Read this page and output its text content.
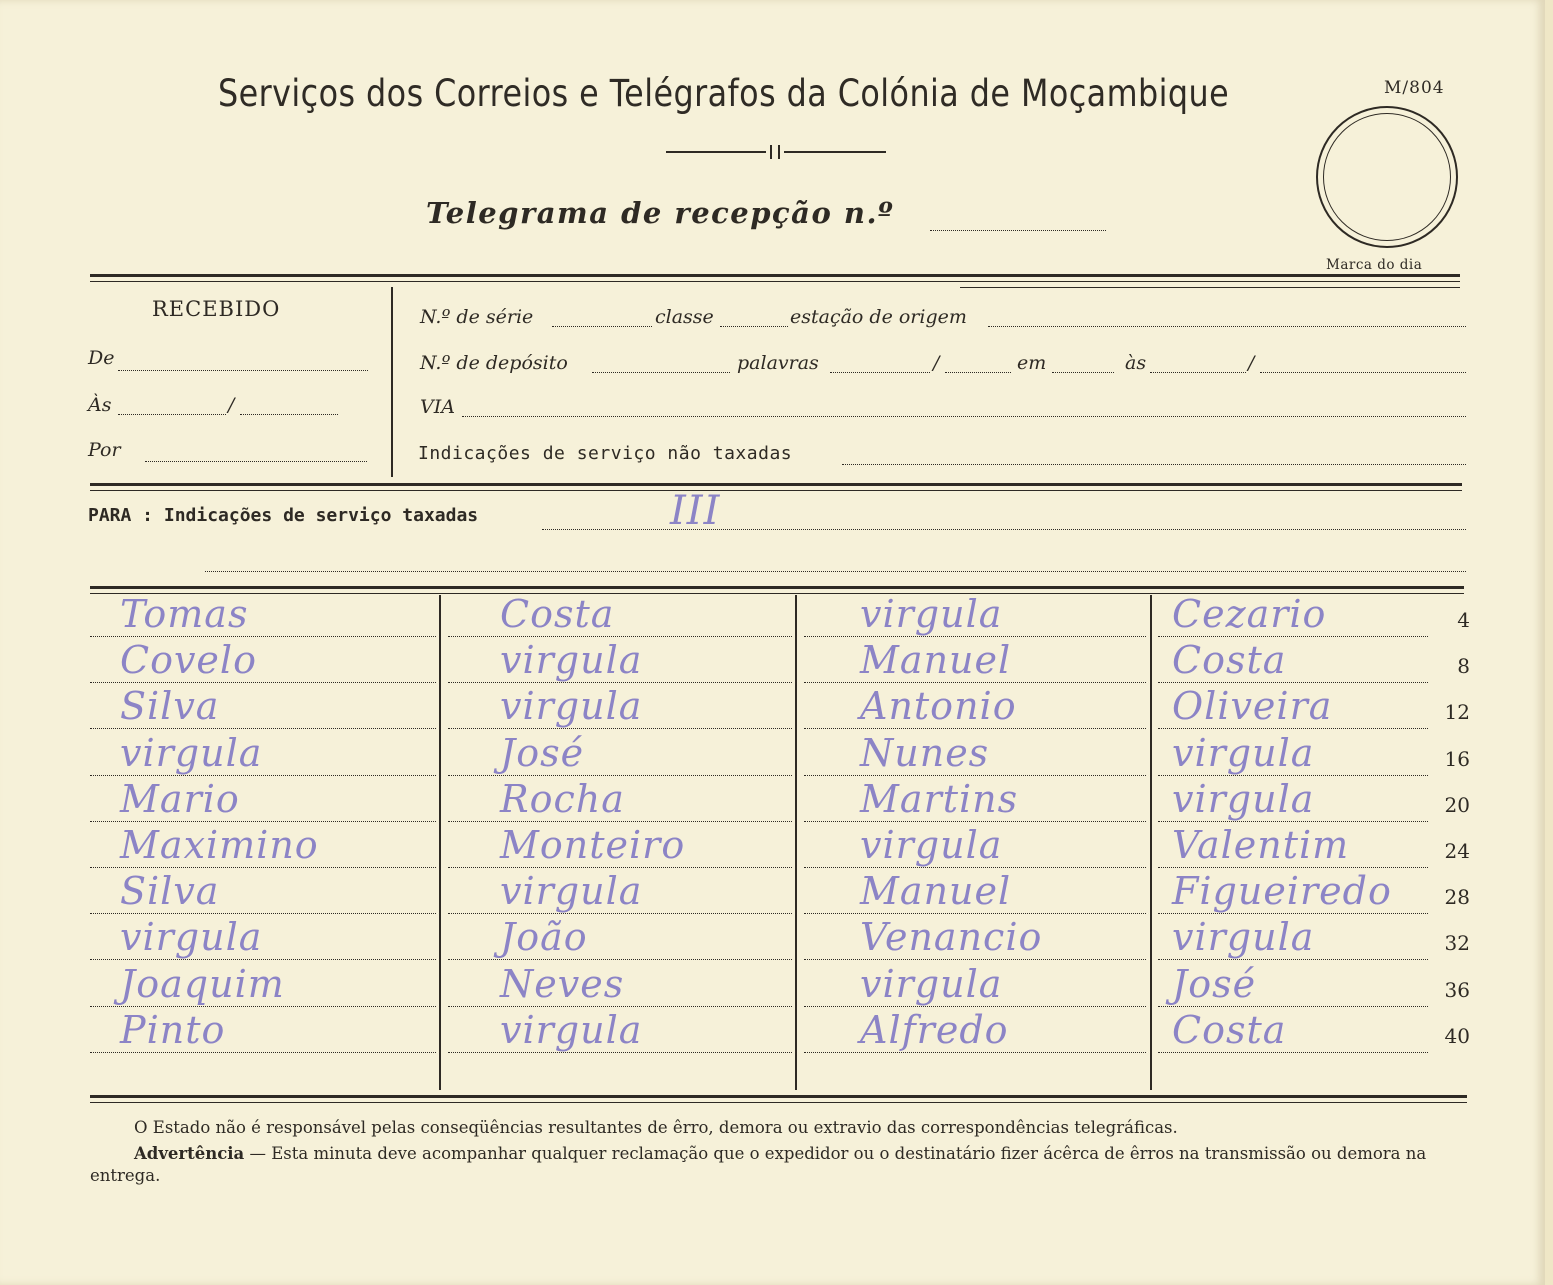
Serviços dos Correios e Telégrafos da Colónia de Moçambique	M/804
Telegrama de recepção n.º
Marca do dia
RECEBIDO
De
Às	/
Por
N.º de série	classe	estação de origem
N.º de depósito	palavras	/	em	às	/
VIA
Indicações de serviço não taxadas
PARA : Indicações de serviço taxadas	III
Tomas	Costa	virgula	Cezario	4
Covelo	virgula	Manuel	Costa	8
Silva	virgula	Antonio	Oliveira	12
virgula	José	Nunes	virgula	16
Mario	Rocha	Martins	virgula	20
Maximino	Monteiro	virgula	Valentim	24
Silva	virgula	Manuel	Figueiredo	28
virgula	João	Venancio	virgula	32
Joaquim	Neves	virgula	José	36
Pinto	virgula	Alfredo	Costa	40
O Estado não é responsável pelas conseqüências resultantes de êrro, demora ou extravio das correspondências telegráficas.
Advertência — Esta minuta deve acompanhar qualquer reclamação que o expedidor ou o destinatário fizer ácêrca de êrros na transmissão ou demora na entrega.
